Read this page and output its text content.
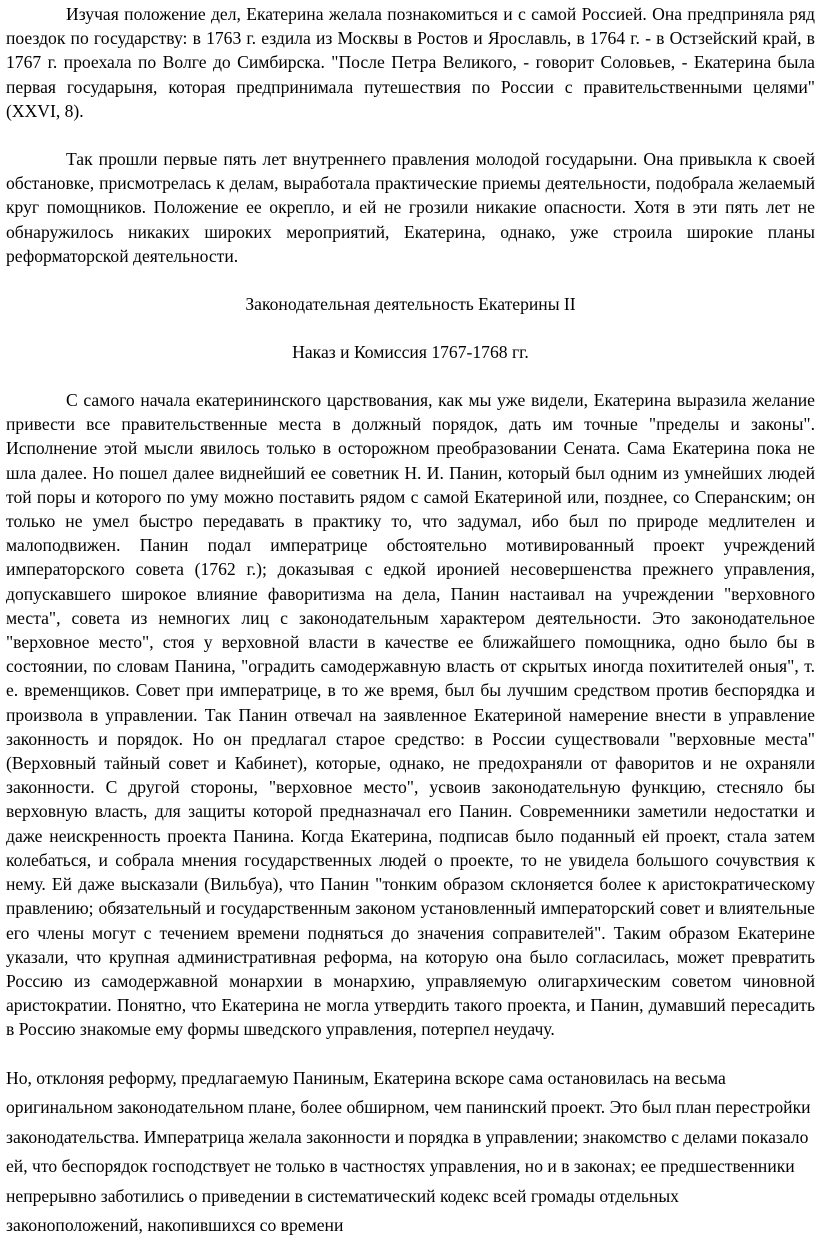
Изучая положение дел, Екатерина желала познакомиться и с самой Россией. Она предприняла ряд поездок по государству: в 1763 г. ездила из Москвы в Ростов и Ярославль, в 1764 г. - в Остзейский край, в 1767 г. проехала по Волге до Симбирска. "После Петра Великого, - говорит Соловьев, - Екатерина была первая государыня, которая предпринимала путешествия по России с правительственными целями" (XXVI, 8).

Так прошли первые пять лет внутреннего правления молодой государыни. Она привыкла к своей обстановке, присмотрелась к делам, выработала практические приемы деятельности, подобрала желаемый круг помощников. Положение ее окрепло, и ей не грозили никакие опасности. Хотя в эти пять лет не обнаружилось никаких широких мероприятий, Екатерина, однако, уже строила широкие планы реформаторской деятельности.

Законодательная деятельность Екатерины II

Наказ и Комиссия 1767-1768 гг.

С самого начала екатерининского царствования, как мы уже видели, Екатерина выразила желание привести все правительственные места в должный порядок, дать им точные "пределы и законы". Исполнение этой мысли явилось только в осторожном преобразовании Сената. Сама Екатерина пока не шла далее. Но пошел далее виднейший ее советник Н. И. Панин, который был одним из умнейших людей той поры и которого по уму можно поставить рядом с самой Екатериной или, позднее, со Сперанским; он только не умел быстро передавать в практику то, что задумал, ибо был по природе медлителен и малоподвижен. Панин подал императрице обстоятельно мотивированный проект учреждений императорского совета (1762 г.); доказывая с едкой иронией несовершенства прежнего управления, допускавшего широкое влияние фаворитизма на дела, Панин настаивал на учреждении "верховного места", совета из немногих лиц с законодательным характером деятельности. Это законодательное "верховное место", стоя у верховной власти в качестве ее ближайшего помощника, одно было бы в состоянии, по словам Панина, "оградить самодержавную власть от скрытых иногда похитителей оныя", т. е. временщиков. Совет при императрице, в то же время, был бы лучшим средством против беспорядка и произвола в управлении. Так Панин отвечал на заявленное Екатериной намерение внести в управление законность и порядок. Но он предлагал старое средство: в России существовали "верховные места" (Верховный тайный совет и Кабинет), которые, однако, не предохраняли от фаворитов и не охраняли законности. С другой стороны, "верховное место", усвоив законодательную функцию, стесняло бы верховную власть, для защиты которой предназначал его Панин. Современники заметили недостатки и даже неискренность проекта Панина. Когда Екатерина, подписав было поданный ей проект, стала затем колебаться, и собрала мнения государственных людей о проекте, то не увидела большого сочувствия к нему. Ей даже высказали (Вильбуа), что Панин "тонким образом склоняется более к аристократическому правлению; обязательный и государственным законом установленный императорский совет и влиятельные его члены могут с течением времени подняться до значения соправителей". Таким образом Екатерине указали, что крупная административная реформа, на которую она было согласилась, может превратить Россию из самодержавной монархии в монархию, управляемую олигархическим советом чиновной аристократии. Понятно, что Екатерина не могла утвердить такого проекта, и Панин, думавший пересадить в Россию знакомые ему формы шведского управления, потерпел неудачу.

Но, отклоняя реформу, предлагаемую Паниным, Екатерина вскоре сама остановилась на весьма оригинальном законодательном плане, более обширном, чем панинский проект. Это был план перестройки законодательства. Императрица желала законности и порядка в управлении; знакомство с делами показало ей, что беспорядок господствует не только в частностях управления, но и в законах; ее предшественники непрерывно заботились о приведении в систематический кодекс всей громады отдельных законоположений, накопившихся со времени
